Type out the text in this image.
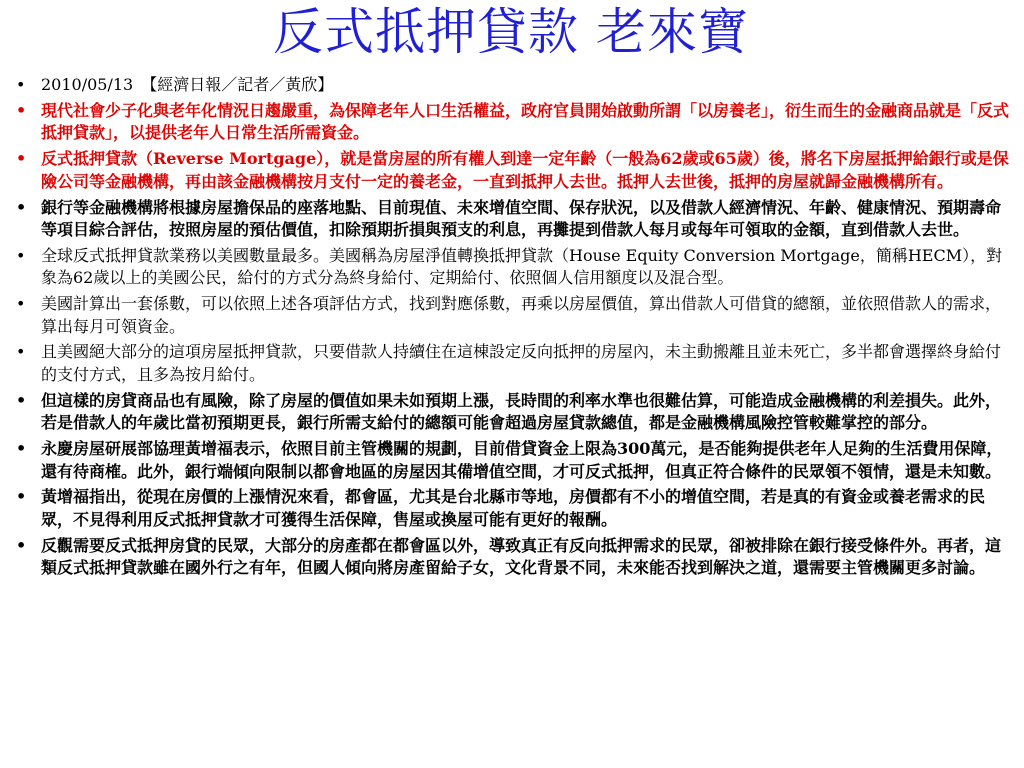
反式抵押貸款 老來寶
• 2010/05/13　【經濟日報／記者／黃欣】
• 現代社會少子化與老年化情況日趨嚴重，為保障老年人口生活權益，政府官員開始啟動所謂「以房養老」，衍生而生的金融商品就是「反式抵押貸款」，以提供老年人日常生活所需資金。
• 反式抵押貸款（Reverse Mortgage），就是當房屋的所有權人到達一定年齡（一般為62歲或65歲）後，將名下房屋抵押給銀行或是保險公司等金融機構，再由該金融機構按月支付一定的養老金，一直到抵押人去世。抵押人去世後，抵押的房屋就歸金融機構所有。
• 銀行等金融機構將根據房屋擔保品的座落地點、目前現值、未來增值空間、保存狀況，以及借款人經濟情況、年齡、健康情況、預期壽命等項目綜合評估，按照房屋的預估價值，扣除預期折損與預支的利息，再攤提到借款人每月或每年可領取的金額，直到借款人去世。
• 全球反式抵押貸款業務以美國數量最多。美國稱為房屋淨值轉換抵押貸款（House Equity Conversion Mortgage，簡稱HECM），對象為62歲以上的美國公民，給付的方式分為終身給付、定期給付、依照個人信用額度以及混合型。
• 美國計算出一套係數，可以依照上述各項評估方式，找到對應係數，再乘以房屋價值，算出借款人可借貸的總額，並依照借款人的需求，算出每月可領資金。
• 且美國絕大部分的這項房屋抵押貸款，只要借款人持續住在這棟設定反向抵押的房屋內，未主動搬離且並未死亡，多半都會選擇終身給付的支付方式，且多為按月給付。
• 但這樣的房貸商品也有風險，除了房屋的價值如果未如預期上漲，長時間的利率水準也很難估算，可能造成金融機構的利差損失。此外，若是借款人的年歲比當初預期更長，銀行所需支給付的總額可能會超過房屋貸款總值，都是金融機構風險控管較難掌控的部分。
• 永慶房屋研展部協理黃增福表示，依照目前主管機關的規劃，目前借貸資金上限為300萬元，是否能夠提供老年人足夠的生活費用保障，還有待商榷。此外，銀行端傾向限制以都會地區的房屋因其備增值空間，才可反式抵押，但真正符合條件的民眾領不領情，還是未知數。
• 黃增福指出，從現在房價的上漲情況來看，都會區，尤其是台北縣市等地，房價都有不小的增值空間，若是真的有資金或養老需求的民眾，不見得利用反式抵押貸款才可獲得生活保障，售屋或換屋可能有更好的報酬。
• 反觀需要反式抵押房貸的民眾，大部分的房產都在都會區以外，導致真正有反向抵押需求的民眾，卻被排除在銀行接受條件外。再者，這類反式抵押貸款雖在國外行之有年，但國人傾向將房產留給子女，文化背景不同，未來能否找到解決之道，還需要主管機關更多討論。
